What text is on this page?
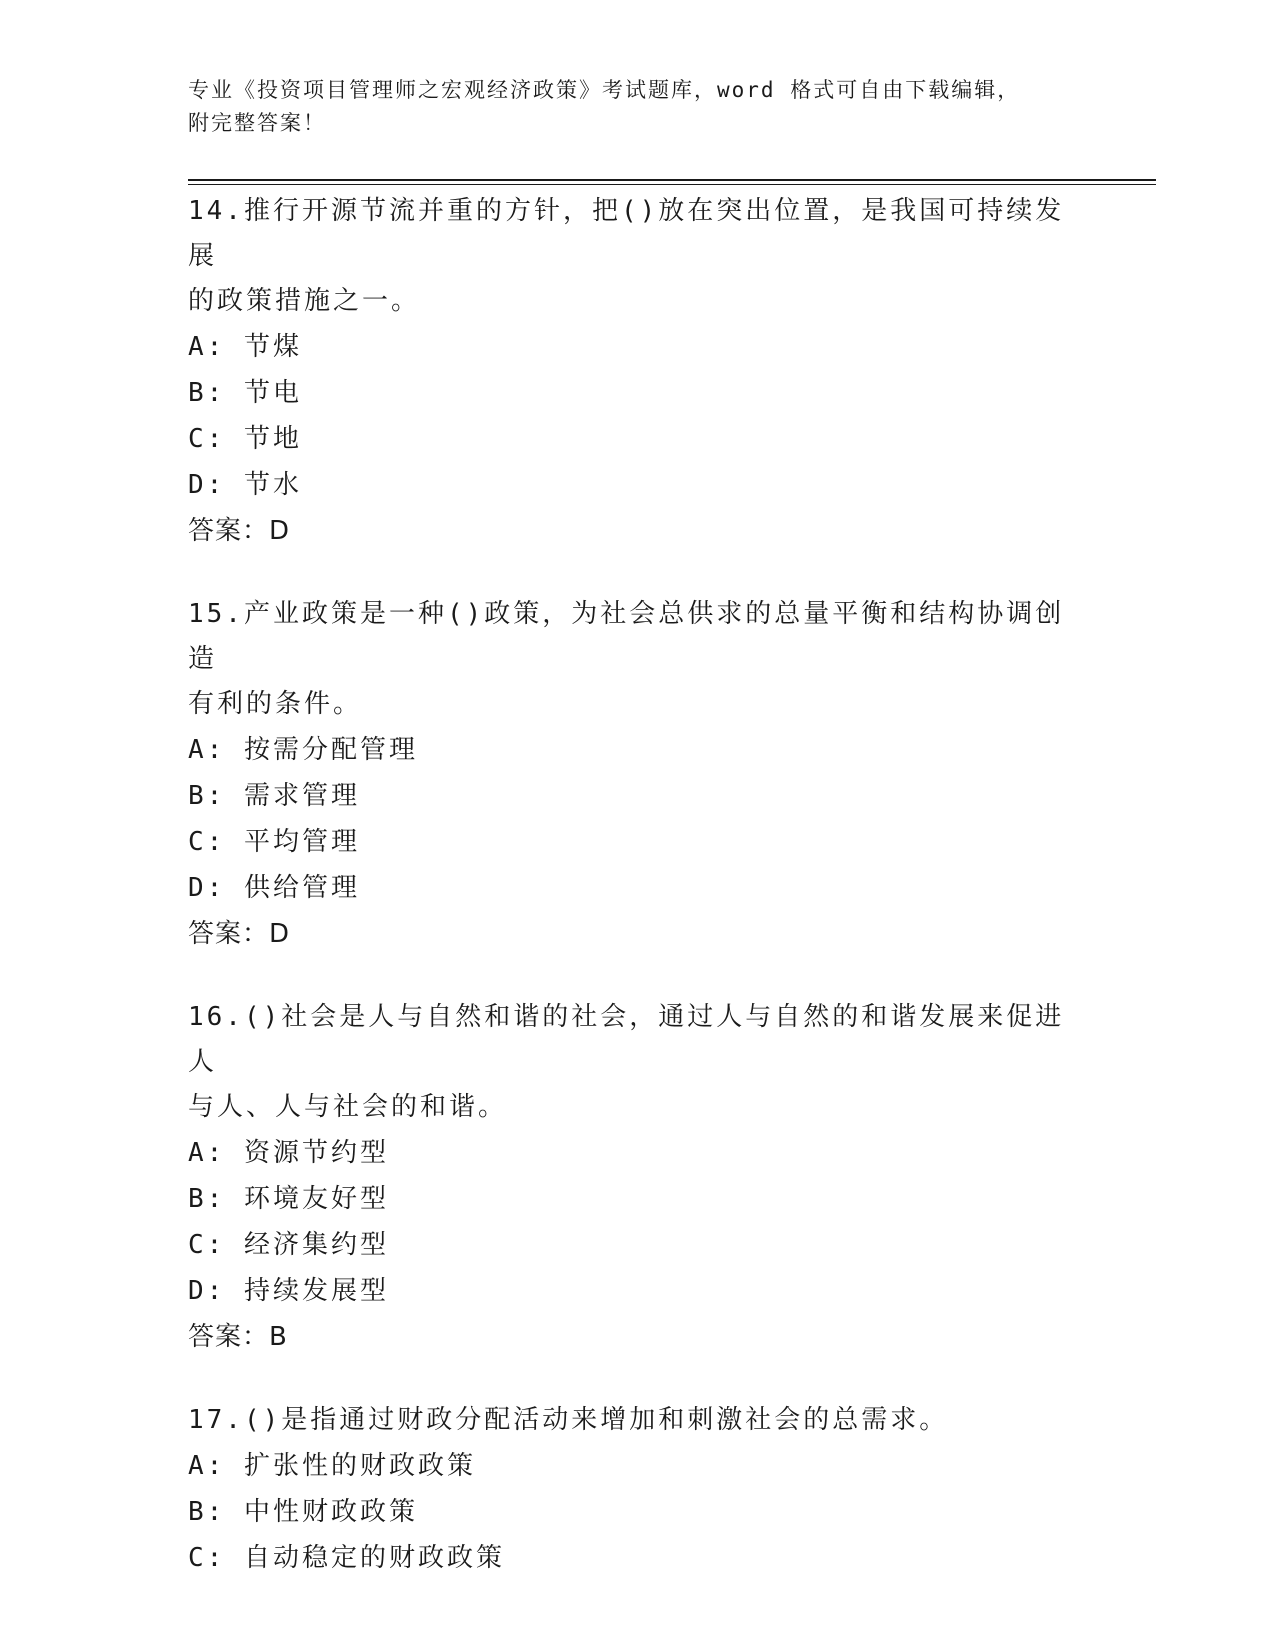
专业《投资项目管理师之宏观经济政策》考试题库，word 格式可自由下载编辑，
附完整答案！
14.推行开源节流并重的方针，把()放在突出位置，是我国可持续发展
的政策措施之一。
A: 节煤
B: 节电
C: 节地
D: 节水
答案：D
15.产业政策是一种()政策，为社会总供求的总量平衡和结构协调创造
有利的条件。
A: 按需分配管理
B: 需求管理
C: 平均管理
D: 供给管理
答案：D
16.()社会是人与自然和谐的社会，通过人与自然的和谐发展来促进人
与人、人与社会的和谐。
A: 资源节约型
B: 环境友好型
C: 经济集约型
D: 持续发展型
答案：B
17.()是指通过财政分配活动来增加和刺激社会的总需求。
A: 扩张性的财政政策
B: 中性财政政策
C: 自动稳定的财政政策
